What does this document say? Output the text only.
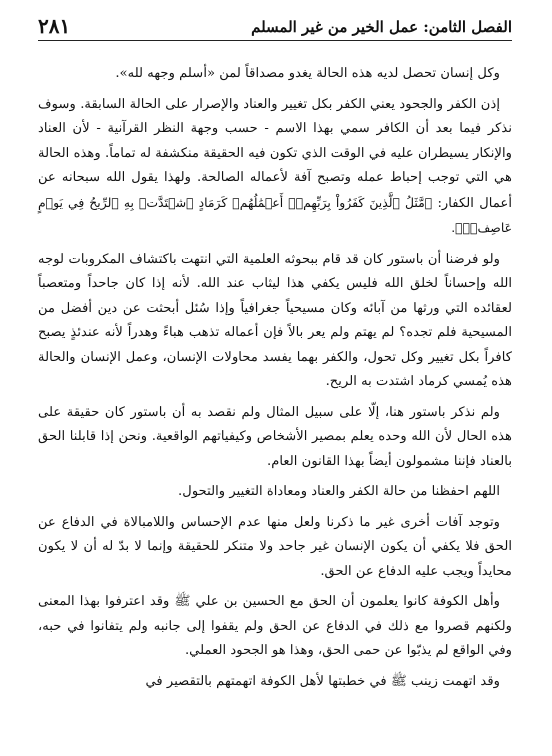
الفصل الثامن: عمل الخير من غير المسلم
٢٨١

وكل إنسان تحصل لديه هذه الحالة يغدو مصداقاً لمن «أسلم وجهه لله».

إذن الكفر والجحود يعني الكفر بكل تغيير والعناد والإصرار على الحالة السابقة. وسوف نذكر فيما بعد أن الكافر سمي بهذا الاسم - حسب وجهة النظر القرآنية - لأن العناد والإنكار يسيطران عليه في الوقت الذي تكون فيه الحقيقة منكشفة له تماماً. وهذه الحالة هي التي توجب إحباط عمله وتصبح آفة لأعماله الصالحة. ولهذا يقول الله سبحانه عن أعمال الكفار: ﴿مَّثَلُ ٱلَّذِينَ كَفَرُواْ بِرَبِّهِمۡۖ أَعۡمَٰلُهُمۡ كَرَمَادٍ ٱشۡتَدَّتۡ بِهِ ٱلرِّيحُ فِي يَوۡمٍ عَاصِفٖۖ﴾.

ولو فرضنا أن باستور كان قد قام ببحوثه العلمية التي انتهت باكتشاف المكروبات لوجه الله وإحساناً لخلق الله فليس يكفي هذا ليثاب عند الله. لأنه إذا كان جاحداً ومتعصباً لعقائده التي ورثها من آبائه وكان مسيحياً جغرافياً وإذا سُئل أبحثت عن دين أفضل من المسيحية فلم تجده؟ لم يهتم ولم يعر بالاً فإن أعماله تذهب هباءً وهدراً لأنه عندئذٍ يصبح كافراً بكل تغيير وكل تحول، والكفر بهما يفسد محاولات الإنسان، وعمل الإنسان والحالة هذه يُمسي كرماد اشتدت به الريح.

ولم نذكر باستور هنا، إلّا على سبيل المثال ولم نقصد به أن باستور كان حقيقة على هذه الحال لأن الله وحده يعلم بمصير الأشخاص وكيفياتهم الواقعية. ونحن إذا قابلنا الحق بالعناد فإننا مشمولون أيضاً بهذا القانون العام.

اللهم احفظنا من حالة الكفر والعناد ومعاداة التغيير والتحول.

وتوجد آفات أخرى غير ما ذكرنا ولعل منها عدم الإحساس واللامبالاة في الدفاع عن الحق فلا يكفي أن يكون الإنسان غير جاحد ولا متنكر للحقيقة وإنما لا بدّ له أن لا يكون محايداً ويجب عليه الدفاع عن الحق.

وأهل الكوفة كانوا يعلمون أن الحق مع الحسين بن علي ﷺ وقد اعترفوا بهذا المعنى ولكنهم قصروا مع ذلك في الدفاع عن الحق ولم يقفوا إلى جانبه ولم يتفانوا في حبه، وفي الواقع لم يذبّوا عن حمى الحق، وهذا هو الجحود العملي.

وقد اتهمت زينب ﷺ في خطبتها لأهل الكوفة اتهمتهم بالتقصير في
